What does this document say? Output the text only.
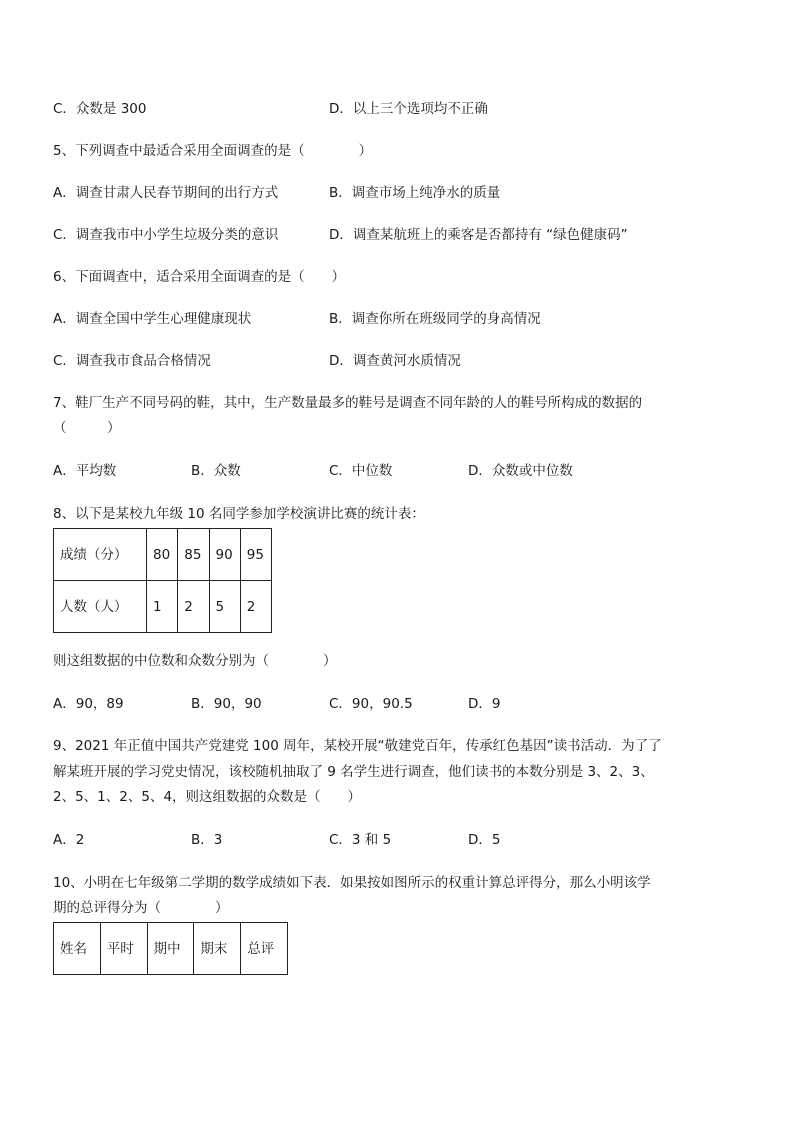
C．众数是 300	D．以上三个选项均不正确
5、下列调查中最适合采用全面调查的是（　　　　）
A．调查甘肃人民春节期间的出行方式	B．调查市场上纯净水的质量
C．调查我市中小学生垃圾分类的意识	D．调查某航班上的乘客是否都持有 “绿色健康码”
6、下面调查中，适合采用全面调查的是（　　）
A．调查全国中学生心理健康现状	B．调查你所在班级同学的身高情况
C．调查我市食品合格情况	D．调查黄河水质情况
7、鞋厂生产不同号码的鞋，其中，生产数量最多的鞋号是调查不同年龄的人的鞋号所构成的数据的
（　　　）
A．平均数	B．众数	C．中位数	D．众数或中位数
8、以下是某校九年级 10 名同学参加学校演讲比赛的统计表：
成绩（分）	80	85	90	95
人数（人）	1	2	5	2
则这组数据的中位数和众数分别为（　　　　）
A．90，89	B．90，90	C．90，90.5	D．9
9、2021 年正值中国共产党建党 100 周年，某校开展“敬建党百年，传承红色基因”读书活动．为了了
解某班开展的学习党史情况，该校随机抽取了 9 名学生进行调查，他们读书的本数分别是 3、2、3、
2、5、1、2、5、4，则这组数据的众数是（　　）
A．2	B．3	C．3 和 5	D．5
10、小明在七年级第二学期的数学成绩如下表．如果按如图所示的权重计算总评得分，那么小明该学
期的总评得分为（　　　　）
姓名	平时	期中	期末	总评
